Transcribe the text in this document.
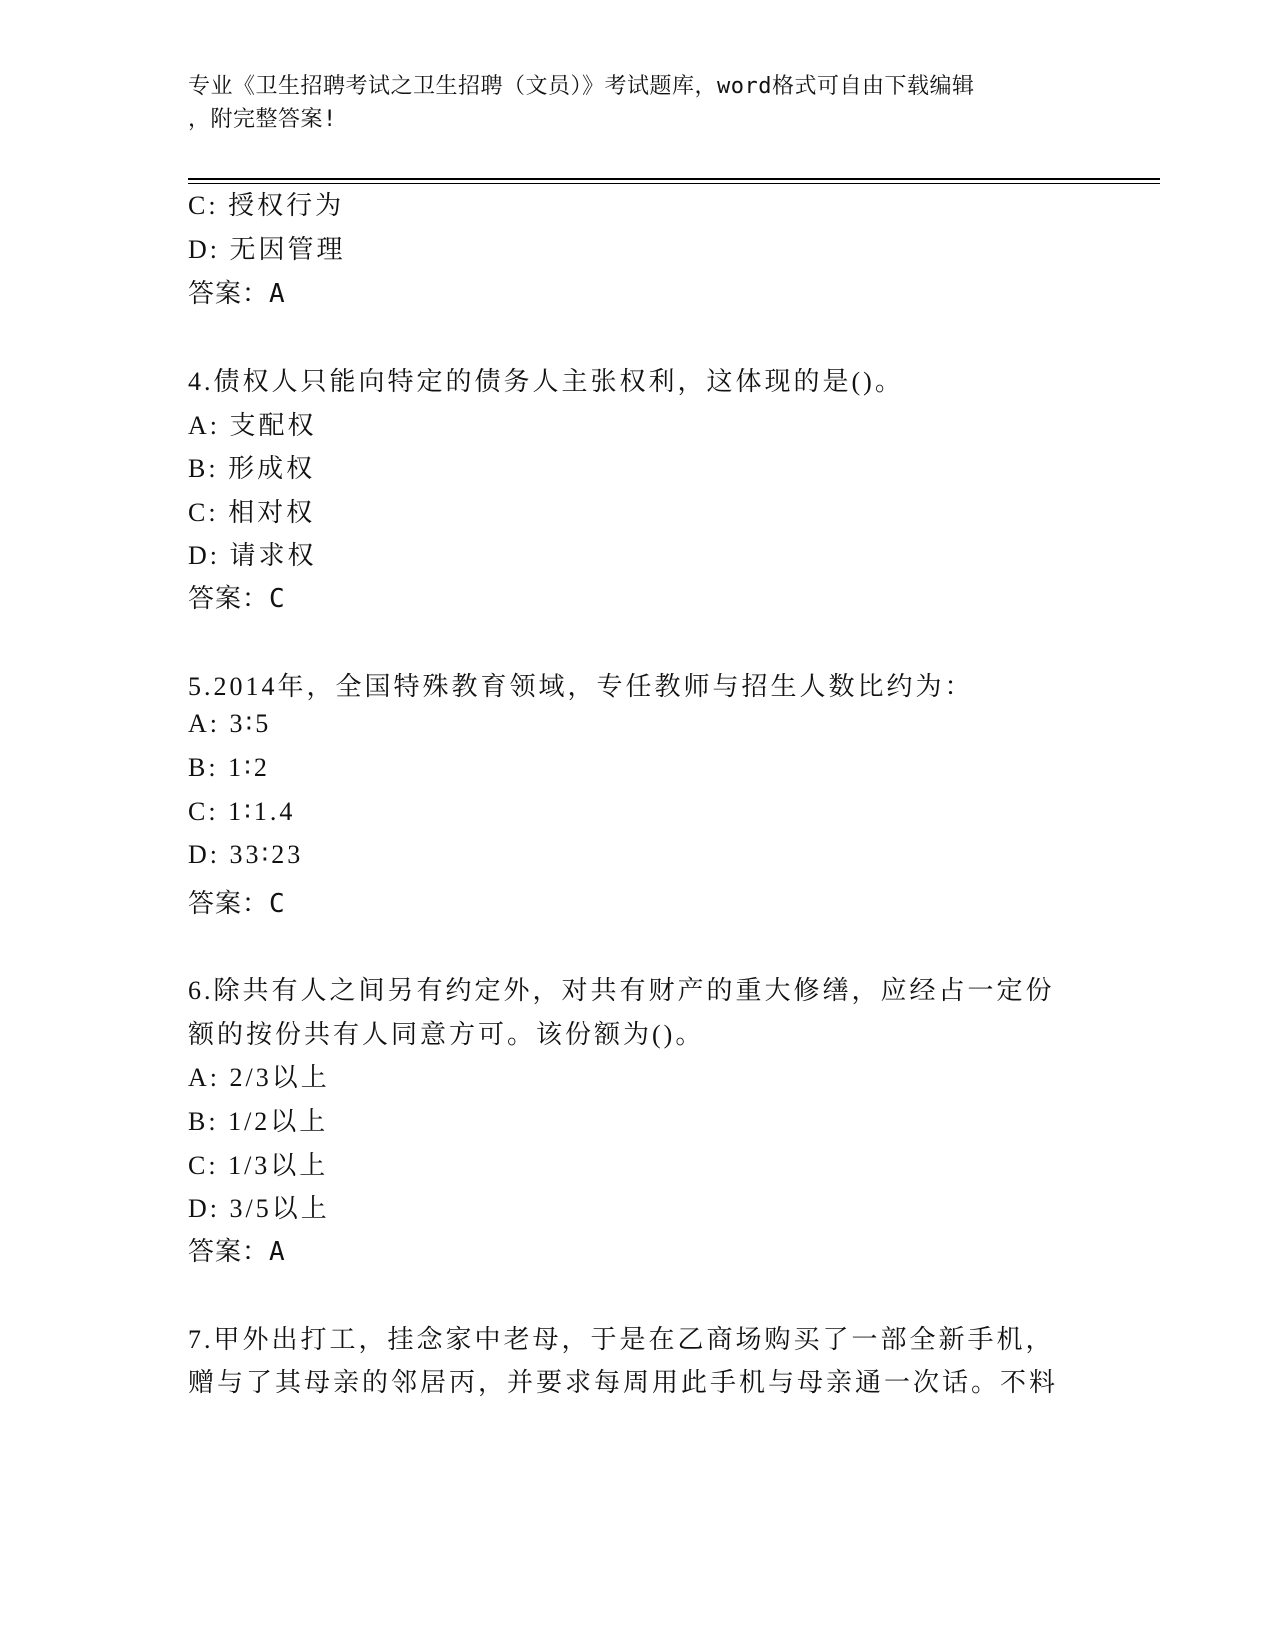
专业《卫生招聘考试之卫生招聘（文员）》考试题库，word格式可自由下载编辑
，附完整答案!
C: 授权行为
D: 无因管理
答案：A
4.债权人只能向特定的债务人主张权利，这体现的是()。
A: 支配权
B: 形成权
C: 相对权
D: 请求权
答案：C
5.2014年，全国特殊教育领域，专任教师与招生人数比约为：
A: 3∶5
B: 1∶2
C: 1∶1.4
D: 33∶23
答案：C
6.除共有人之间另有约定外，对共有财产的重大修缮，应经占一定份
额的按份共有人同意方可。该份额为()。
A: 2/3以上
B: 1/2以上
C: 1/3以上
D: 3/5以上
答案：A
7.甲外出打工，挂念家中老母，于是在乙商场购买了一部全新手机，
赠与了其母亲的邻居丙，并要求每周用此手机与母亲通一次话。不料
